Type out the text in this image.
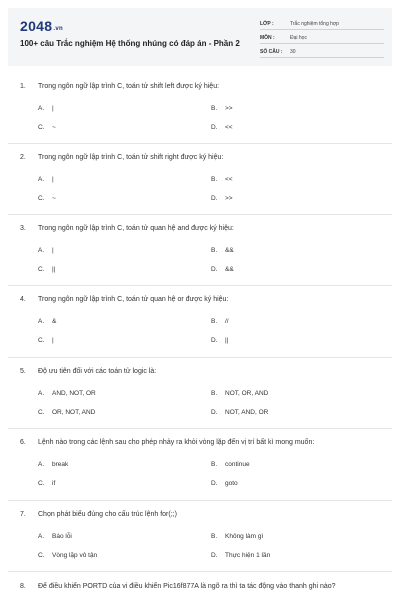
2048.vn
100+ câu Trắc nghiệm Hệ thống nhúng có đáp án - Phần 2
LỚP :	Trắc nghiệm tổng hợp
MÔN :	Đại học
SỐ CÂU :	30
1.	Trong ngôn ngữ lập trình C, toán tử shift left được ký hiệu:
A.	|	B.	>>
C.	~	D.	<<
2.	Trong ngôn ngữ lập trình C, toán tử shift right được ký hiệu:
A.	|	B.	<<
C.	~	D.	>>
3.	Trong ngôn ngữ lập trình C, toán tử quan hệ and được ký hiệu:
A.	|	B.	&&
C.	||	D.	&&
4.	Trong ngôn ngữ lập trình C, toán tử quan hệ or được ký hiệu:
A.	&	B.	//
C.	|	D.	||
5.	Độ ưu tiên đối với các toán tử logic là:
A.	AND, NOT, OR	B.	NOT, OR, AND
C.	OR, NOT, AND	D.	NOT, AND, OR
6.	Lệnh nào trong các lệnh sau cho phép nhảy ra khỏi vòng lặp đến vị trí bất kì mong muốn:
A.	break	B.	continue
C.	if	D.	goto
7.	Chọn phát biểu đúng cho cấu trúc lệnh for(;;)
A.	Báo lỗi	B.	Không làm gì
C.	Vòng lặp vô tận	D.	Thực hiện 1 lần
8.	Để điều khiển PORTD của vi điều khiển Pic16f877A là ngõ ra thì ta tác động vào thanh ghi nào?
